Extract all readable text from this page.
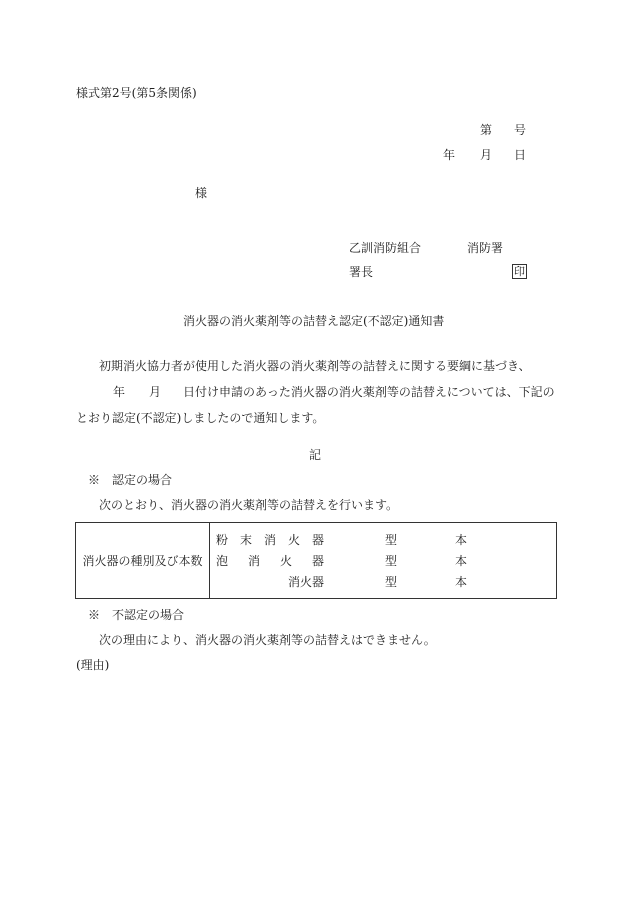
様式第2号(第5条関係)
第 号
年 月 日
様
乙訓消防組合	消防署
署長	印
消火器の消火薬剤等の詰替え認定(不認定)通知書
初期消火協力者が使用した消火器の消火薬剤等の詰替えに関する要綱に基づき、
年 月 日付け申請のあった消火器の消火薬剤等の詰替えについては、下記の
とおり認定(不認定)しましたので通知します。
記
※　認定の場合
次のとおり、消火器の消火薬剤等の詰替えを行います。
消火器の種別及び本数	
粉 末 消 火 器	型	本
泡 消 火 器	型	本
消火器	型	本
※　不認定の場合
次の理由により、消火器の消火薬剤等の詰替えはできません。
(理由)
